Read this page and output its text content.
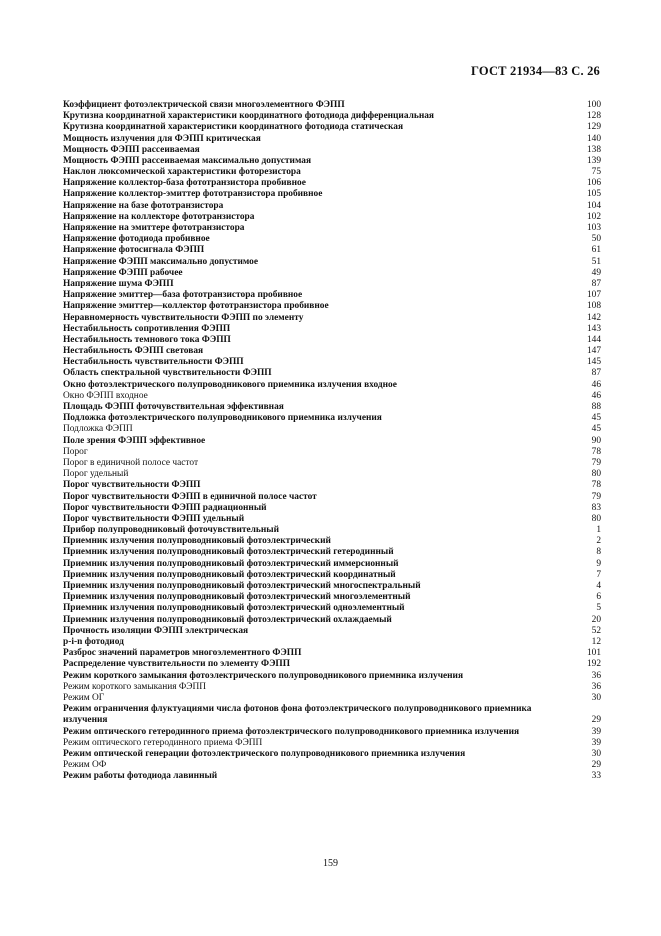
ГОСТ 21934—83 С. 26
Коэффициент фотоэлектрической связи многоэлементного ФЭПП	100
Крутизна координатной характеристики координатного фотодиода дифференциальная	128
Крутизна координатной характеристики координатного фотодиода статическая	129
Мощность излучения для ФЭПП критическая	140
Мощность ФЭПП рассеиваемая	138
Мощность ФЭПП рассеиваемая максимально допустимая	139
Наклон люксомической характеристики фоторезистора	75
Напряжение коллектор-база фототранзистора пробивное	106
Напряжение коллектор-эмиттер фототранзистора пробивное	105
Напряжение на базе фототранзистора	104
Напряжение на коллекторе фототранзистора	102
Напряжение на эмиттере фототранзистора	103
Напряжение фотодиода пробивное	50
Напряжение фотосигнала ФЭПП	61
Напряжение ФЭПП максимально допустимое	51
Напряжение ФЭПП рабочее	49
Напряжение шума ФЭПП	87
Напряжение эмиттер—база фототранзистора пробивное	107
Напряжение эмиттер—коллектор фототранзистора пробивное	108
Неравномерность чувствительности ФЭПП по элементу	142
Нестабильность сопротивления ФЭПП	143
Нестабильность темнового тока ФЭПП	144
Нестабильность ФЭПП световая	147
Нестабильность чувствительности ФЭПП	145
Область спектральной чувствительности ФЭПП	87
Окно фотоэлектрического полупроводникового приемника излучения входное	46
Окно ФЭПП входное	46
Площадь ФЭПП фоточувствительная эффективная	88
Подложка фотоэлектрического полупроводникового приемника излучения	45
Подложка ФЭПП	45
Поле зрения ФЭПП эффективное	90
Порог	78
Порог в единичной полосе частот	79
Порог удельный	80
Порог чувствительности ФЭПП	78
Порог чувствительности ФЭПП в единичной полосе частот	79
Порог чувствительности ФЭПП радиационный	83
Порог чувствительности ФЭПП удельный	80
Прибор полупроводниковый фоточувствительный	1
Приемник излучения полупроводниковый фотоэлектрический	2
Приемник излучения полупроводниковый фотоэлектрический гетеродинный	8
Приемник излучения полупроводниковый фотоэлектрический иммерсионный	9
Приемник излучения полупроводниковый фотоэлектрический координатный	7
Приемник излучения полупроводниковый фотоэлектрический многоспектральный	4
Приемник излучения полупроводниковый фотоэлектрический многоэлементный	6
Приемник излучения полупроводниковый фотоэлектрический одноэлементный	5
Приемник излучения полупроводниковый фотоэлектрический охлаждаемый	20
Прочность изоляции ФЭПП электрическая	52
p-i-n фотодиод	12
Разброс значений параметров многоэлементного ФЭПП	101
Распределение чувствительности по элементу ФЭПП	192
Режим короткого замыкания фотоэлектрического полупроводникового приемника излучения	36
Режим короткого замыкания ФЭПП	36
Режим ОГ	30
Режим ограничения флуктуациями числа фотонов фона фотоэлектрического полупроводникового приемника излучения	29
Режим оптического гетеродинного приема фотоэлектрического полупроводникового приемника излучения	39
Режим оптического гетеродинного приема ФЭПП	39
Режим оптической генерации фотоэлектрического полупроводникового приемника излучения	30
Режим ОФ	29
Режим работы фотодиода лавинный	33
159
